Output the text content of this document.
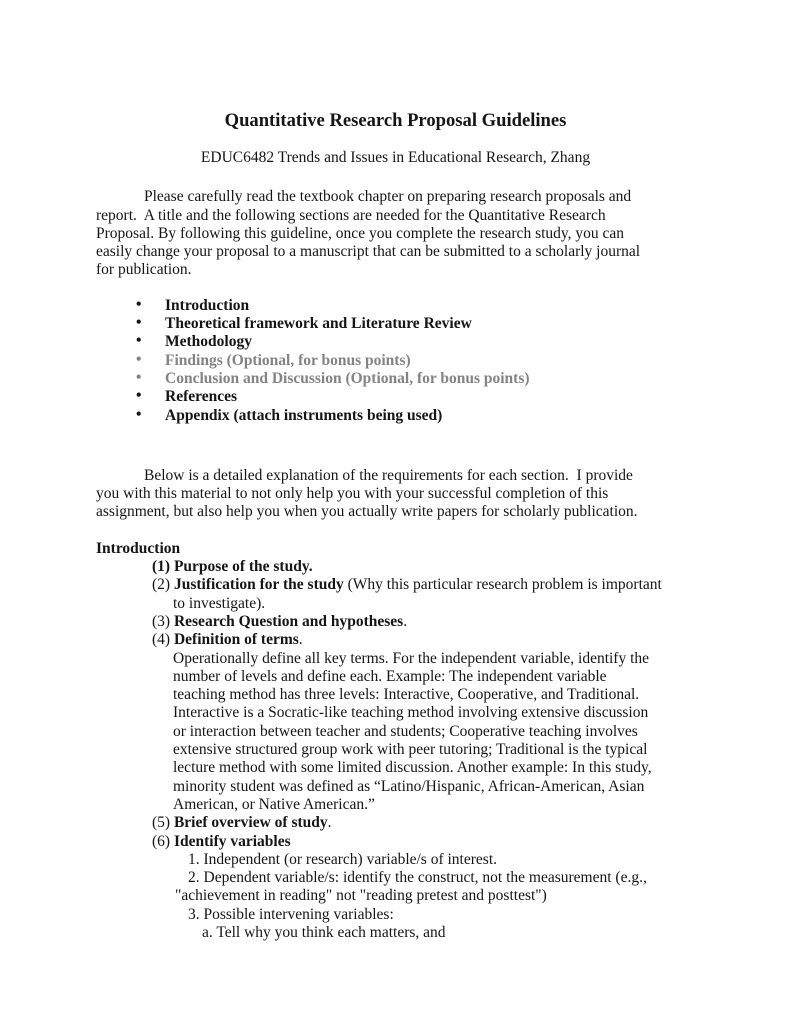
Quantitative Research Proposal Guidelines
EDUC6482 Trends and Issues in Educational Research, Zhang
Please carefully read the textbook chapter on preparing research proposals and
report.  A title and the following sections are needed for the Quantitative Research
Proposal. By following this guideline, once you complete the research study, you can
easily change your proposal to a manuscript that can be submitted to a scholarly journal
for publication.
• Introduction
• Theoretical framework and Literature Review
• Methodology
• Findings (Optional, for bonus points)
• Conclusion and Discussion (Optional, for bonus points)
• References
• Appendix (attach instruments being used)
Below is a detailed explanation of the requirements for each section.  I provide
you with this material to not only help you with your successful completion of this
assignment, but also help you when you actually write papers for scholarly publication.
Introduction
(1) Purpose of the study.
(2) Justification for the study (Why this particular research problem is important
to investigate).
(3) Research Question and hypotheses.
(4) Definition of terms.
Operationally define all key terms. For the independent variable, identify the
number of levels and define each. Example: The independent variable
teaching method has three levels: Interactive, Cooperative, and Traditional.
Interactive is a Socratic-like teaching method involving extensive discussion
or interaction between teacher and students; Cooperative teaching involves
extensive structured group work with peer tutoring; Traditional is the typical
lecture method with some limited discussion. Another example: In this study,
minority student was defined as “Latino/Hispanic, African-American, Asian
American, or Native American.”
(5) Brief overview of study.
(6) Identify variables
1. Independent (or research) variable/s of interest.
2. Dependent variable/s: identify the construct, not the measurement (e.g.,
"achievement in reading" not "reading pretest and posttest")
3. Possible intervening variables:
a. Tell why you think each matters, and
